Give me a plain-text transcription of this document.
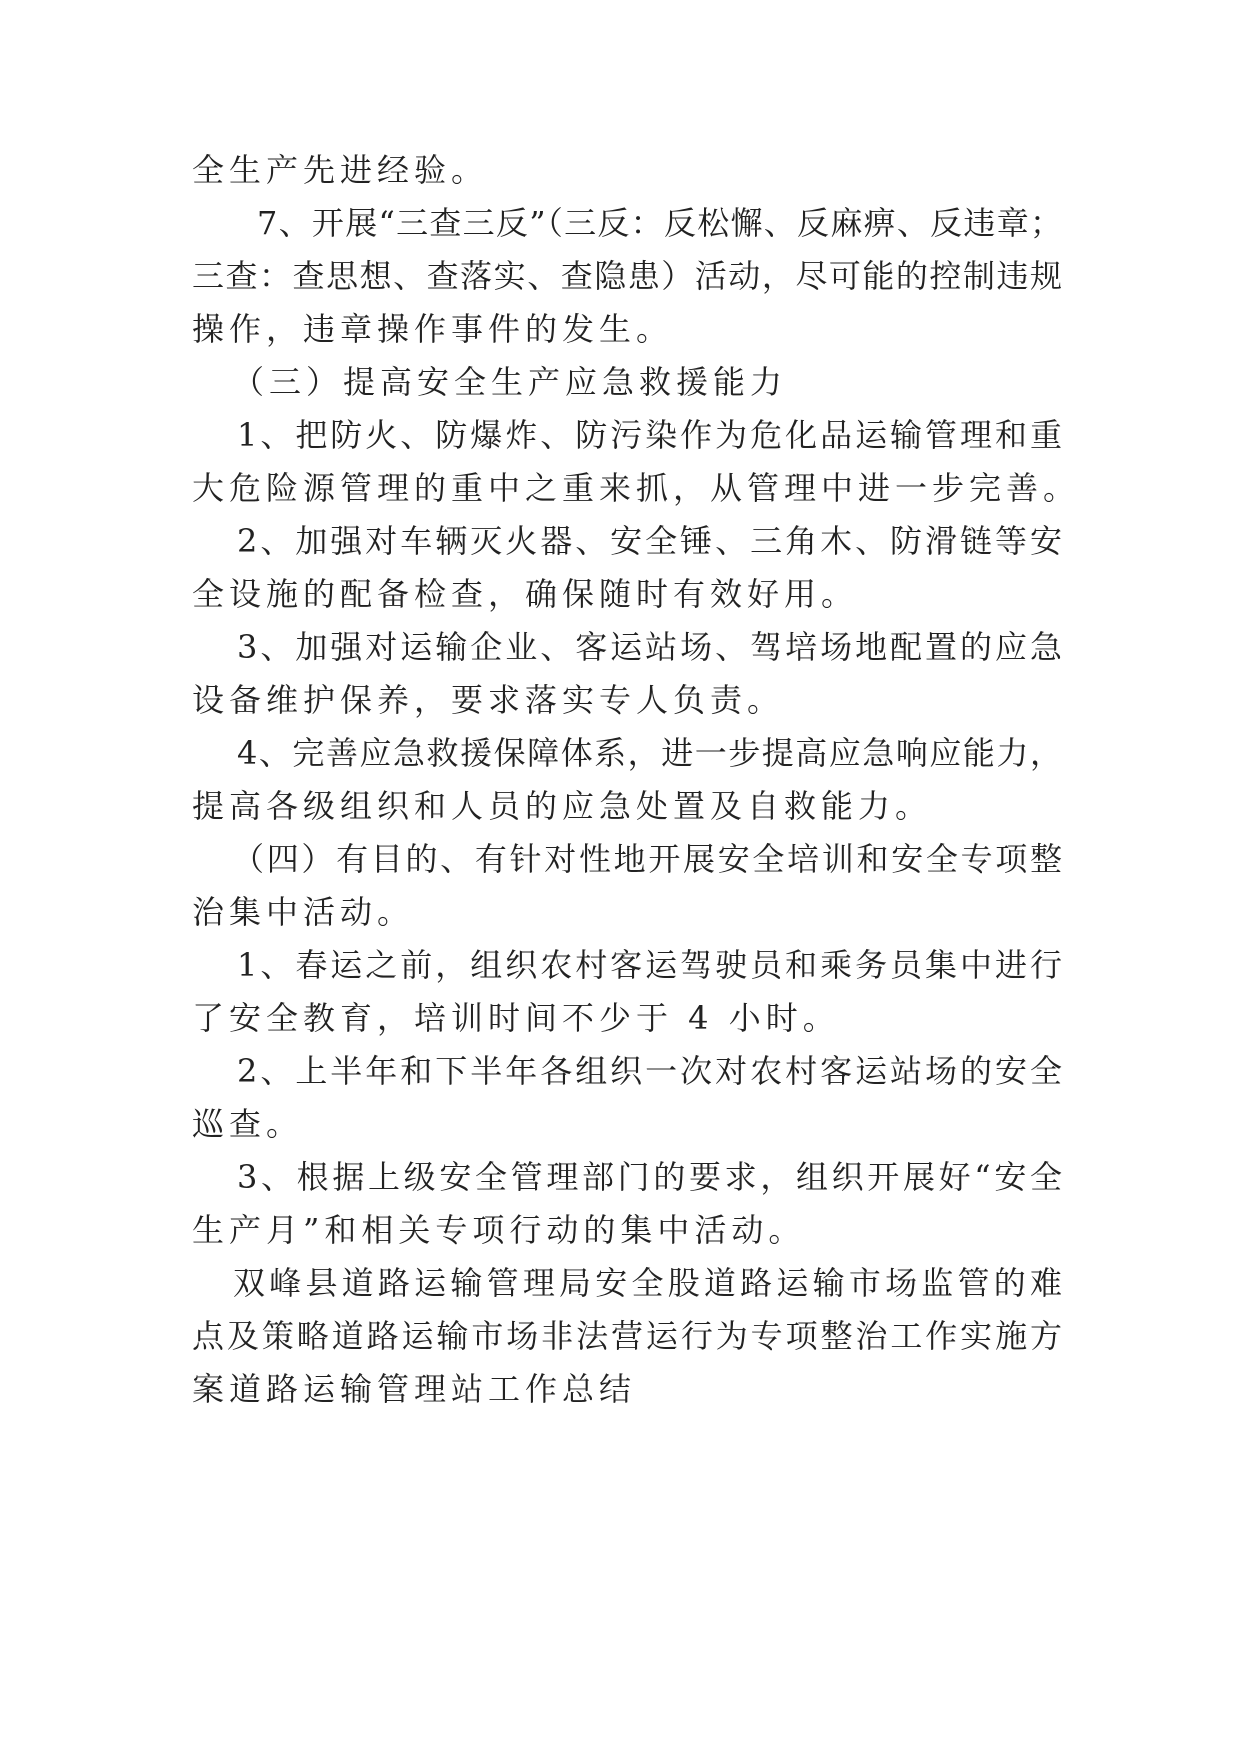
全生产先进经验。
7、开展“三查三反”（三反：反松懈、反麻痹、反违章；
三查：查思想、查落实、查隐患）活动，尽可能的控制违规
操作，违章操作事件的发生。
（三）提高安全生产应急救援能力
1、把防火、防爆炸、防污染作为危化品运输管理和重
大危险源管理的重中之重来抓，从管理中进一步完善。
2、加强对车辆灭火器、安全锤、三角木、防滑链等安
全设施的配备检查，确保随时有效好用。
3、加强对运输企业、客运站场、驾培场地配置的应急
设备维护保养，要求落实专人负责。
4、完善应急救援保障体系，进一步提高应急响应能力，
提高各级组织和人员的应急处置及自救能力。
（四）有目的、有针对性地开展安全培训和安全专项整
治集中活动。
1、春运之前，组织农村客运驾驶员和乘务员集中进行
了安全教育，培训时间不少于 4 小时。
2、上半年和下半年各组织一次对农村客运站场的安全
巡查。
3、根据上级安全管理部门的要求，组织开展好“安全
生产月”和相关专项行动的集中活动。
双峰县道路运输管理局安全股道路运输市场监管的难
点及策略道路运输市场非法营运行为专项整治工作实施方
案道路运输管理站工作总结
